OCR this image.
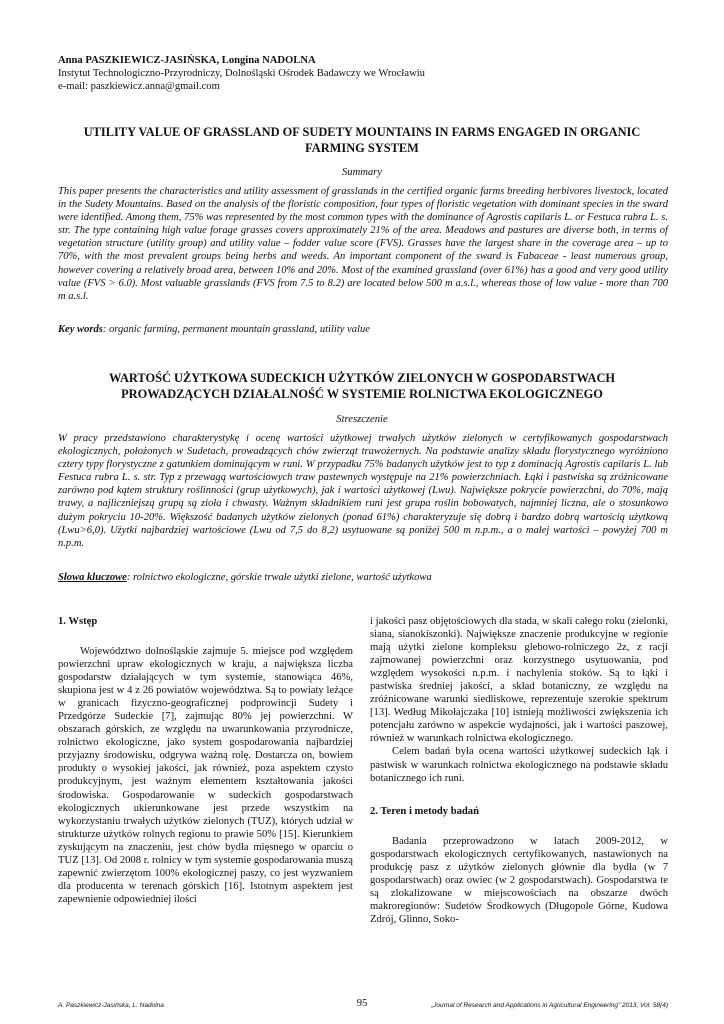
Anna PASZKIEWICZ-JASIŃSKA, Longina NADOLNA
Instytut Technologiczno-Przyrodniczy, Dolnośląski Ośrodek Badawczy we Wrocławiu
e-mail: paszkiewicz.anna@gmail.com
UTILITY VALUE OF GRASSLAND OF SUDETY MOUNTAINS IN FARMS ENGAGED IN ORGANIC FARMING SYSTEM
Summary

This paper presents the characteristics and utility assessment of grasslands in the certified organic farms breeding herbivores livestock, located in the Sudety Mountains. Based on the analysis of the floristic composition, four types of floristic vegetation with dominant species in the sward were identified. Among them, 75% was represented by the most common types with the dominance of Agrostis capilaris L. or Festuca rubra L. s. str. The type containing high value forage grasses covers approximately 21% of the area. Meadows and pastures are diverse both, in terms of vegetation structure (utility group) and utility value – fodder value score (FVS). Grasses have the largest share in the coverage area – up to 70%, with the most prevalent groups being herbs and weeds. An important component of the sward is Fabaceae - least numerous group, however covering a relatively broad area, between 10% and 20%. Most of the examined grassland (over 61%) has a good and very good utility value (FVS > 6.0). Most valuable grasslands (FVS from 7.5 to 8.2) are located below 500 m a.s.l., whereas those of low value - more than 700 m a.s.l.

Key words: organic farming, permanent mountain grassland, utility value
WARTOŚĆ UŻYTKOWA SUDECKICH UŻYTKÓW ZIELONYCH W GOSPODARSTWACH PROWADZĄCYCH DZIAŁALNOŚĆ W SYSTEMIE ROLNICTWA EKOLOGICZNEGO
Streszczenie

W pracy przedstawiono charakterystykę i ocenę wartości użytkowej trwałych użytków zielonych w certyfikowanych gospodarstwach ekologicznych, położonych w Sudetach, prowadzących chów zwierząt trawożernych. Na podstawie analizy składu florystycznego wyróżniono cztery typy florystyczne z gatunkiem dominującym w runi. W przypadku 75% badanych użytków jest to typ z dominacją Agrostis capilaris L. lub Festuca rubra L. s. str. Typ z przewagą wartościowych traw pastewnych występuje na 21% powierzchniach. Łąki i pastwiska są zróżnicowane zarówno pod kątem struktury roślinności (grup użytkowych), jak i wartości użytkowej (Lwu). Największe pokrycie powierzchni, do 70%, mają trawy, a najliczniejszą grupą są zioła i chwasty. Ważnym składnikiem runi jest grupa roślin bobowatych, najmniej liczna, ale o stosunkowo dużym pokryciu 10-20%. Większość badanych użytków zielonych (ponad 61%) charakteryzuje się dobrą i bardzo dobrą wartością użytkową (Lwu>6,0). Użytki najbardziej wartościowe (Lwu od 7,5 do 8,2) usytuowane są poniżej 500 m n.p.m., a o małej wartości – powyżej 700 m n.p.m.

Słowa kluczowe: rolnictwo ekologiczne, górskie trwałe użytki zielone, wartość użytkowa
1. Wstęp

Województwo dolnośląskie zajmuje 5. miejsce pod względem powierzchni upraw ekologicznych w kraju, a największa liczba gospodarstw działających w tym systemie, stanowiąca 46%, skupiona jest w 4 z 26 powiatów województwa. Są to powiaty leżące w granicach fizyczno-geograficznej podprowincji Sudety i Przedgórze Sudeckie [7], zajmując 80% jej powierzchni. W obszarach górskich, ze względu na uwarunkowania przyrodnicze, rolnictwo ekologiczne, jako system gospodarowania najbardziej przyjazny środowisku, odgrywa ważną rolę. Dostarcza on, bowiem produkty o wysokiej jakości, jak również, poza aspektem czysto produkcyjnym, jest ważnym elementem kształtowania jakości środowiska. Gospodarowanie w sudeckich gospodarstwach ekologicznych ukierunkowane jest przede wszystkim na wykorzystaniu trwałych użytków zielonych (TUZ), których udział w strukturze użytków rolnych regionu to prawie 50% [15]. Kierunkiem zyskującym na znaczeniu, jest chów bydła mięsnego w oparciu o TUZ [13]. Od 2008 r. rolnicy w tym systemie gospodarowania muszą zapewnić zwierzętom 100% ekologicznej paszy, co jest wyzwaniem dla producenta w terenach górskich [16]. Istotnym aspektem jest zapewnienie odpowiedniej ilości

i jakości pasz objętościowych dla stada, w skali całego roku (zielonki, siana, sianokiszonki). Największe znaczenie produkcyjne w regionie mają użytki zielone kompleksu glebowo-rolniczego 2z, z racji zajmowanej powierzchni oraz korzystnego usytuowania, pod względem wysokości n.p.m. i nachylenia stoków. Są to łąki i pastwiska średniej jakości, a skład botaniczny, ze względu na zróżnicowane warunki siedliskowe, reprezentuje szerokie spektrum [13]. Według Mikołajczaka [10] istnieją możliwości zwiększenia ich potencjału zarówno w aspekcie wydajności, jak i wartości paszowej, również w warunkach rolnictwa ekologicznego.

Celem badań była ocena wartości użytkowej sudeckich łąk i pastwisk w warunkach rolnictwa ekologicznego na podstawie składu botanicznego ich runi.

2. Teren i metody badań

Badania przeprowadzono w latach 2009-2012, w gospodarstwach ekologicznych certyfikowanych, nastawionych na produkcję pasz z użytków zielonych głównie dla bydła (w 7 gospodarstwach) oraz owiec (w 2 gospodarstwach). Gospodarstwa te są zlokalizowane w miejscowościach na obszarze dwóch makroregionów: Sudetów Środkowych (Długopole Górne, Kudowa Zdrój, Glinno, Soko-

A. Paszkiewicz-Jasińska, L. Nadolna	95	„Journal of Research and Applications in Agricultural Engineering” 2013, Vol. 58(4)
